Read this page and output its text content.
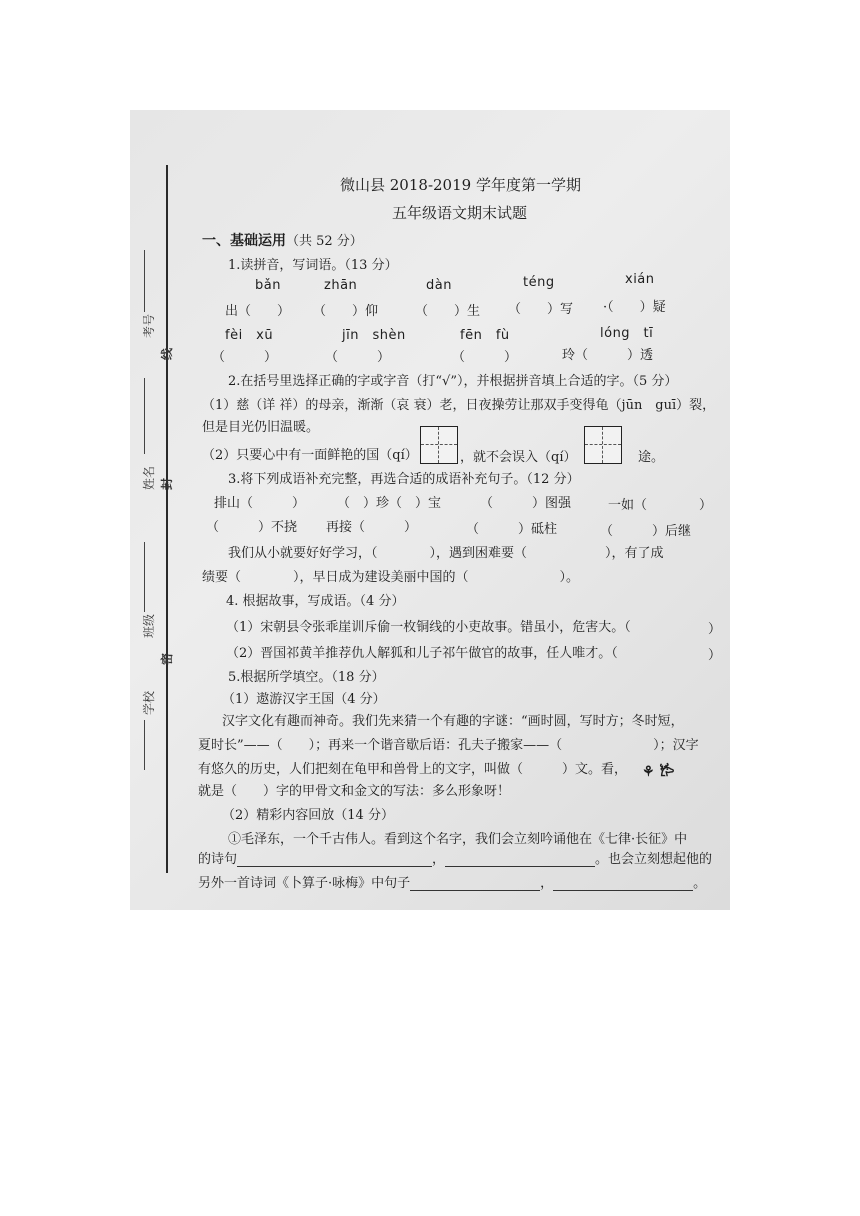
考号
线
姓名 封
班级
密
学校
微山县 2018-2019 学年度第一学期
五年级语文期末试题
一、基础运用（共 52 分）
1.读拼音，写词语。（13 分）
bǎn	zhān	dàn	téng	xián
出（　　） （　　）仰	（　　）生 （　　）写 ·（　　）疑
fèi　xū	jīn　shèn	fēn　fù	lóng　tī
（　　　）	（　　　）	（　　　）	玲（　　　）透
2.在括号里选择正确的字或字音（打“√”），并根据拼音填上合适的字。（5 分）
（1）慈（详 祥）的母亲，渐渐（哀 衰）老，日夜操劳让那双手变得龟（jūn　guī）裂，
但是目光仍旧温暖。
（2）只要心中有一面鲜艳的国（qí）	，就不会误入（qí）	途。
3.将下列成语补充完整，再选合适的成语补充句子。（12 分）
排山（　　　） （　）珍（　）宝	（　　　）图强	一如（　　　　）
（　　　）不挠 再接（　　　）	（　　　）砥柱	（　　　）后继
我们从小就要好好学习，（　　　　），遇到困难要（　　　　　　），有了成
绩要（　　　　），早日成为建设美丽中国的（　　　　　　　）。
4. 根据故事，写成语。（4 分）
（1）宋朝县令张乖崖训斥偷一枚铜线的小吏故事。错虽小，危害大。（	）
（2）晋国祁黄羊推荐仇人解狐和儿子祁午做官的故事，任人唯才。（	）
5.根据所学填空。（18 分）
（1）遨游汉字王国（4 分）
汉字文化有趣而神奇。我们先来猜一个有趣的字谜：“画时圆，写时方；冬时短，
夏时长”——（　　）；再来一个谐音歇后语：孔夫子搬家——（　　　　　　　）；汉字
有悠久的历史，人们把刻在龟甲和兽骨上的文字，叫做（　　　）文。看， ⚘ 𐂂
就是（　　）字的甲骨文和金文的写法：多么形象呀！
（2）精彩内容回放（14 分）
①毛泽东，一个千古伟人。看到这个名字，我们会立刻吟诵他在《七律·长征》中
的诗句	，	。也会立刻想起他的
另外一首诗词《卜算子·咏梅》中句子	，	。
